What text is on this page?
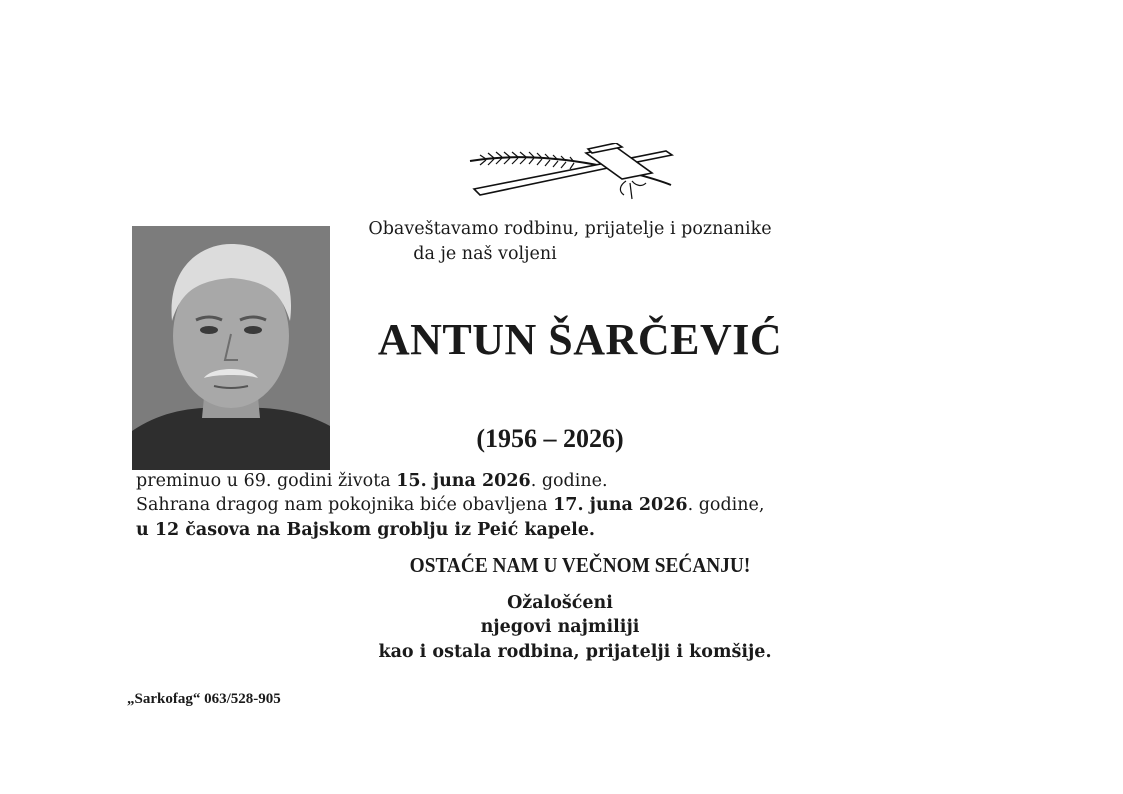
Obaveštavamo rodbinu, prijatelje i poznanike
da je naš voljeni
ANTUN ŠARČEVIĆ
(1956 – 2026)
preminuo u 69. godini života 15. juna 2026. godine.
Sahrana dragog nam pokojnika biće obavljena 17. juna 2026. godine,
u 12 časova na Bajskom groblju iz Peić kapele.
OSTAĆE NAM U VEČNOM SEĆANJU!
Ožalošćeni
njegovi najmiliji
kao i ostala rodbina, prijatelji i komšije.
„Sarkofag“ 063/528-905
